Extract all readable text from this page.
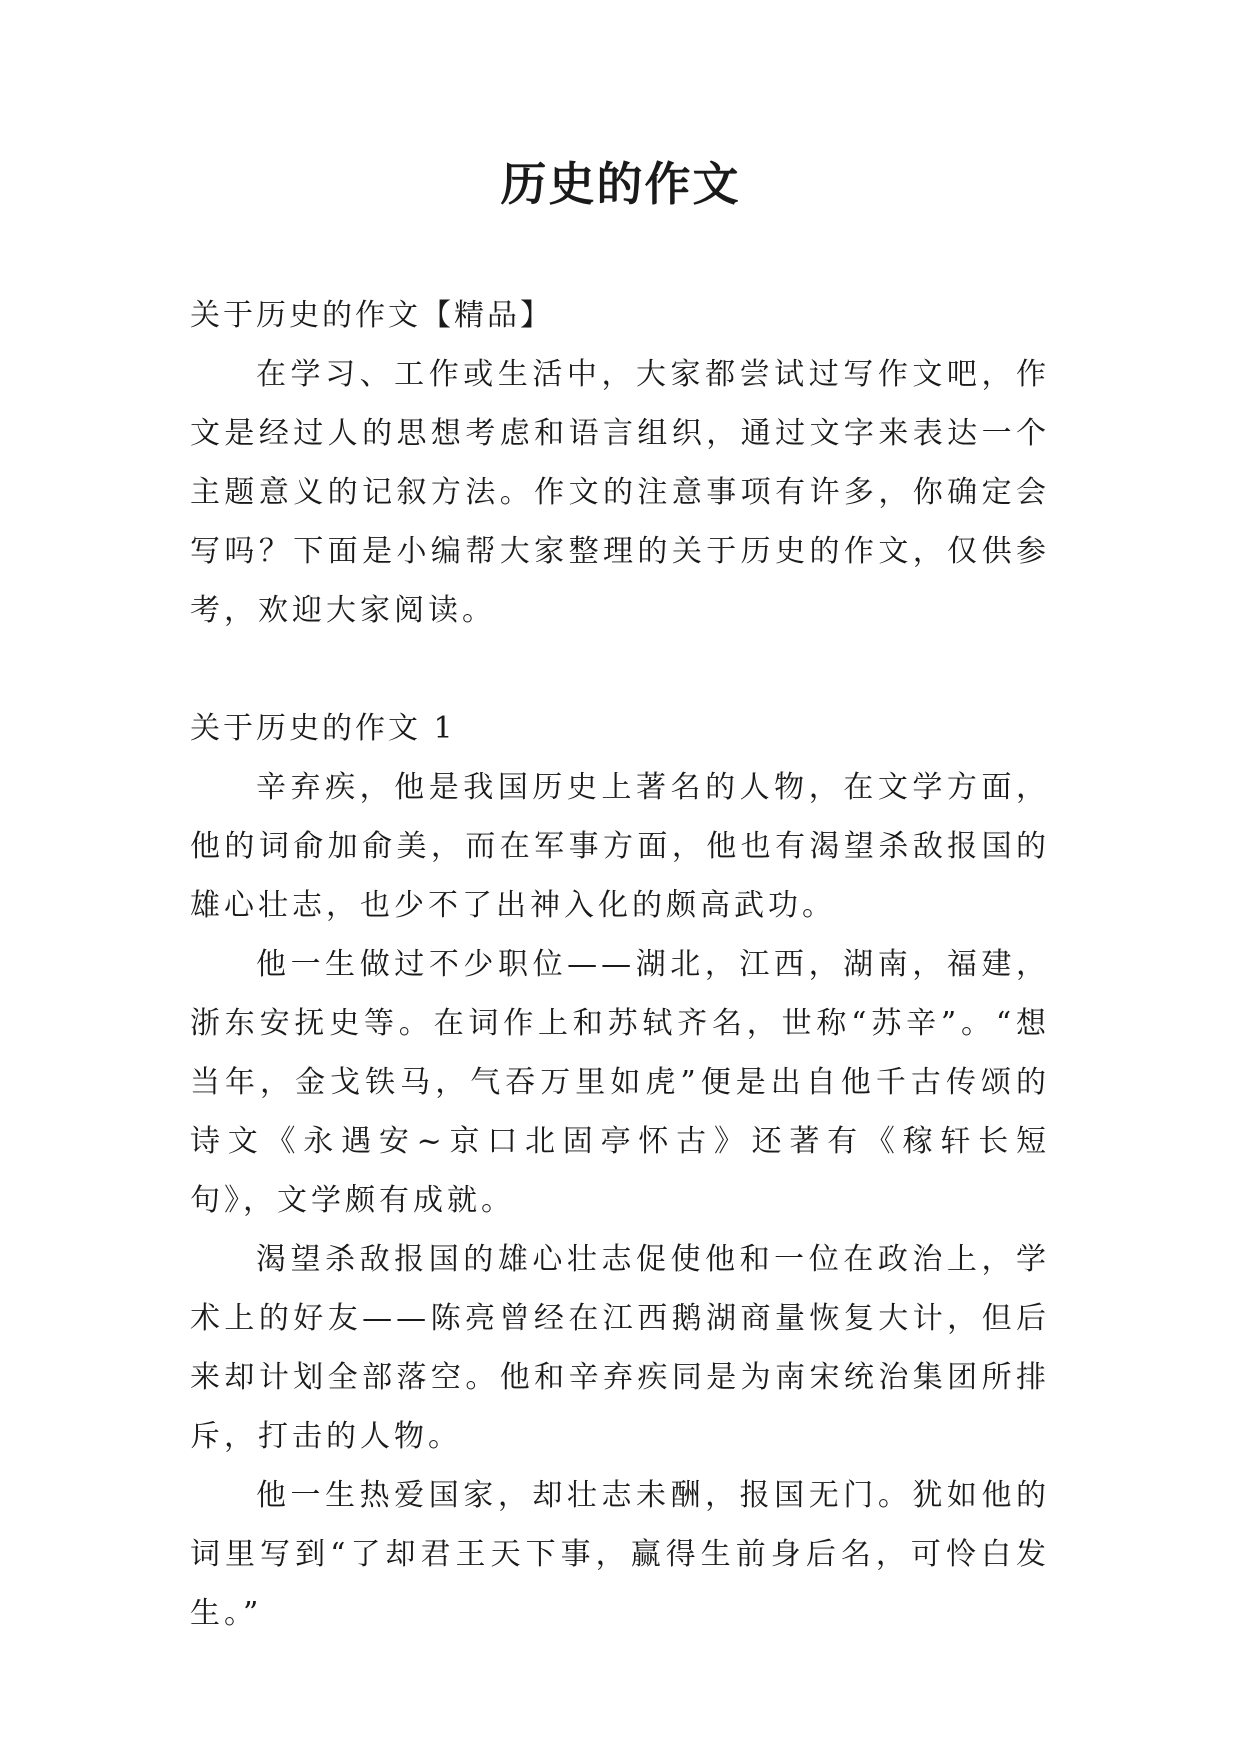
历史的作文

关于历史的作文【精品】

在学习、工作或生活中，大家都尝试过写作文吧，作文是经过人的思想考虑和语言组织，通过文字来表达一个主题意义的记叙方法。作文的注意事项有许多，你确定会写吗？下面是小编帮大家整理的关于历史的作文，仅供参考，欢迎大家阅读。

关于历史的作文 1

辛弃疾，他是我国历史上著名的人物，在文学方面，他的词俞加俞美，而在军事方面，他也有渴望杀敌报国的雄心壮志，也少不了出神入化的颇高武功。

他一生做过不少职位——湖北，江西，湖南，福建，浙东安抚史等。在词作上和苏轼齐名，世称“苏辛”。“想当年，金戈铁马，气吞万里如虎”便是出自他千古传颂的诗文《永遇安~京口北固亭怀古》还著有《稼轩长短句》，文学颇有成就。

渴望杀敌报国的雄心壮志促使他和一位在政治上，学术上的好友——陈亮曾经在江西鹅湖商量恢复大计，但后来却计划全部落空。他和辛弃疾同是为南宋统治集团所排斥，打击的人物。

他一生热爱国家，却壮志未酬，报国无门。犹如他的词里写到“了却君王天下事，赢得生前身后名，可怜白发生。”
